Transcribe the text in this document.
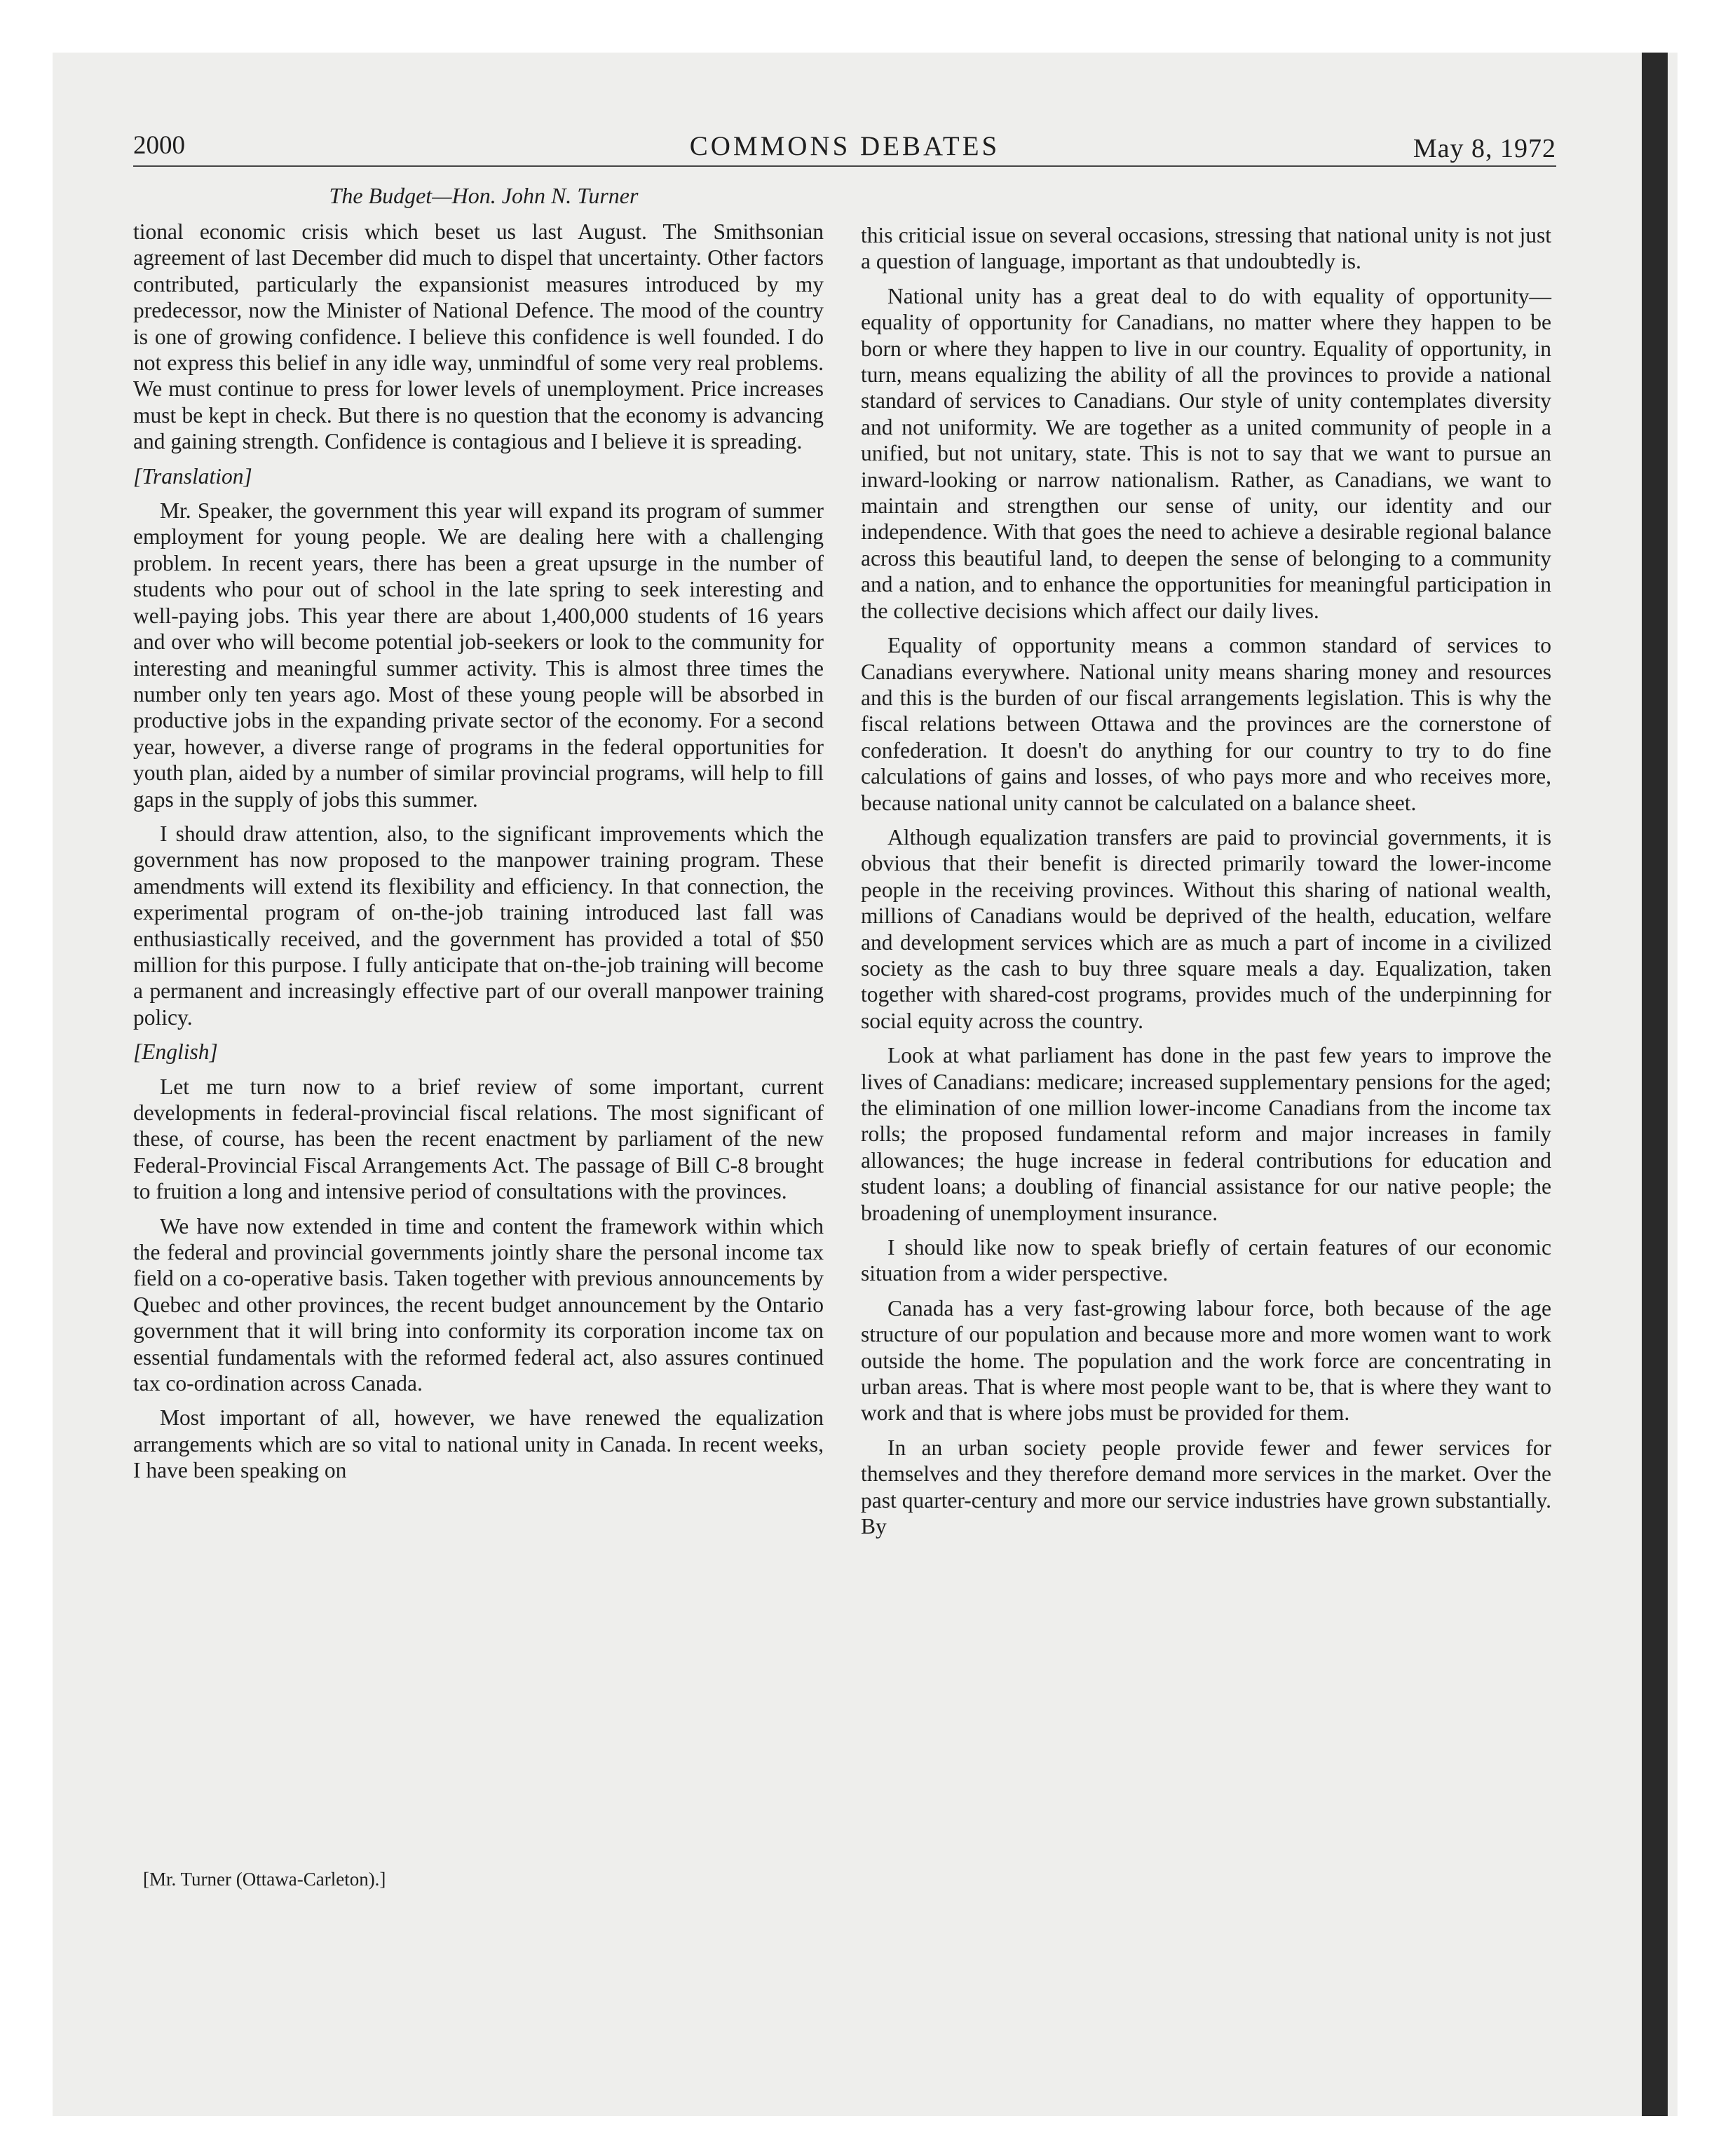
2000	COMMONS DEBATES	May 8, 1972
The Budget—Hon. John N. Turner

tional economic crisis which beset us last August. The Smithsonian agreement of last December did much to dispel that uncertainty. Other factors contributed, particularly the expansionist measures introduced by my predecessor, now the Minister of National Defence. The mood of the country is one of growing confidence. I believe this confidence is well founded. I do not express this belief in any idle way, unmindful of some very real problems. We must continue to press for lower levels of unemployment. Price increases must be kept in check. But there is no question that the economy is advancing and gaining strength. Confidence is contagious and I believe it is spreading.

[Translation]

Mr. Speaker, the government this year will expand its program of summer employment for young people. We are dealing here with a challenging problem. In recent years, there has been a great upsurge in the number of students who pour out of school in the late spring to seek interesting and well-paying jobs. This year there are about 1,400,000 students of 16 years and over who will become potential job-seekers or look to the community for interesting and meaningful summer activity. This is almost three times the number only ten years ago. Most of these young people will be absorbed in productive jobs in the expanding private sector of the economy. For a second year, however, a diverse range of programs in the federal opportunities for youth plan, aided by a number of similar provincial programs, will help to fill gaps in the supply of jobs this summer.

I should draw attention, also, to the significant improvements which the government has now proposed to the manpower training program. These amendments will extend its flexibility and efficiency. In that connection, the experimental program of on-the-job training introduced last fall was enthusiastically received, and the government has provided a total of $50 million for this purpose. I fully anticipate that on-the-job training will become a permanent and increasingly effective part of our overall manpower training policy.

[English]

Let me turn now to a brief review of some important, current developments in federal-provincial fiscal relations. The most significant of these, of course, has been the recent enactment by parliament of the new Federal-Provincial Fiscal Arrangements Act. The passage of Bill C-8 brought to fruition a long and intensive period of consultations with the provinces.

We have now extended in time and content the framework within which the federal and provincial governments jointly share the personal income tax field on a co-operative basis. Taken together with previous announcements by Quebec and other provinces, the recent budget announcement by the Ontario government that it will bring into conformity its corporation income tax on essential fundamentals with the reformed federal act, also assures continued tax co-ordination across Canada.

Most important of all, however, we have renewed the equalization arrangements which are so vital to national unity in Canada. In recent weeks, I have been speaking on

this criticial issue on several occasions, stressing that national unity is not just a question of language, important as that undoubtedly is.

National unity has a great deal to do with equality of opportunity—equality of opportunity for Canadians, no matter where they happen to be born or where they happen to live in our country. Equality of opportunity, in turn, means equalizing the ability of all the provinces to provide a national standard of services to Canadians. Our style of unity contemplates diversity and not uniformity. We are together as a united community of people in a unified, but not unitary, state. This is not to say that we want to pursue an inward-looking or narrow nationalism. Rather, as Canadians, we want to maintain and strengthen our sense of unity, our identity and our independence. With that goes the need to achieve a desirable regional balance across this beautiful land, to deepen the sense of belonging to a community and a nation, and to enhance the opportunities for meaningful participation in the collective decisions which affect our daily lives.

Equality of opportunity means a common standard of services to Canadians everywhere. National unity means sharing money and resources and this is the burden of our fiscal arrangements legislation. This is why the fiscal relations between Ottawa and the provinces are the cornerstone of confederation. It doesn't do anything for our country to try to do fine calculations of gains and losses, of who pays more and who receives more, because national unity cannot be calculated on a balance sheet.

Although equalization transfers are paid to provincial governments, it is obvious that their benefit is directed primarily toward the lower-income people in the receiving provinces. Without this sharing of national wealth, millions of Canadians would be deprived of the health, education, welfare and development services which are as much a part of income in a civilized society as the cash to buy three square meals a day. Equalization, taken together with shared-cost programs, provides much of the underpinning for social equity across the country.

Look at what parliament has done in the past few years to improve the lives of Canadians: medicare; increased supplementary pensions for the aged; the elimination of one million lower-income Canadians from the income tax rolls; the proposed fundamental reform and major increases in family allowances; the huge increase in federal contributions for education and student loans; a doubling of financial assistance for our native people; the broadening of unemployment insurance.

I should like now to speak briefly of certain features of our economic situation from a wider perspective.

Canada has a very fast-growing labour force, both because of the age structure of our population and because more and more women want to work outside the home. The population and the work force are concentrating in urban areas. That is where most people want to be, that is where they want to work and that is where jobs must be provided for them.

In an urban society people provide fewer and fewer services for themselves and they therefore demand more services in the market. Over the past quarter-century and more our service industries have grown substantially. By

[Mr. Turner (Ottawa-Carleton).]
